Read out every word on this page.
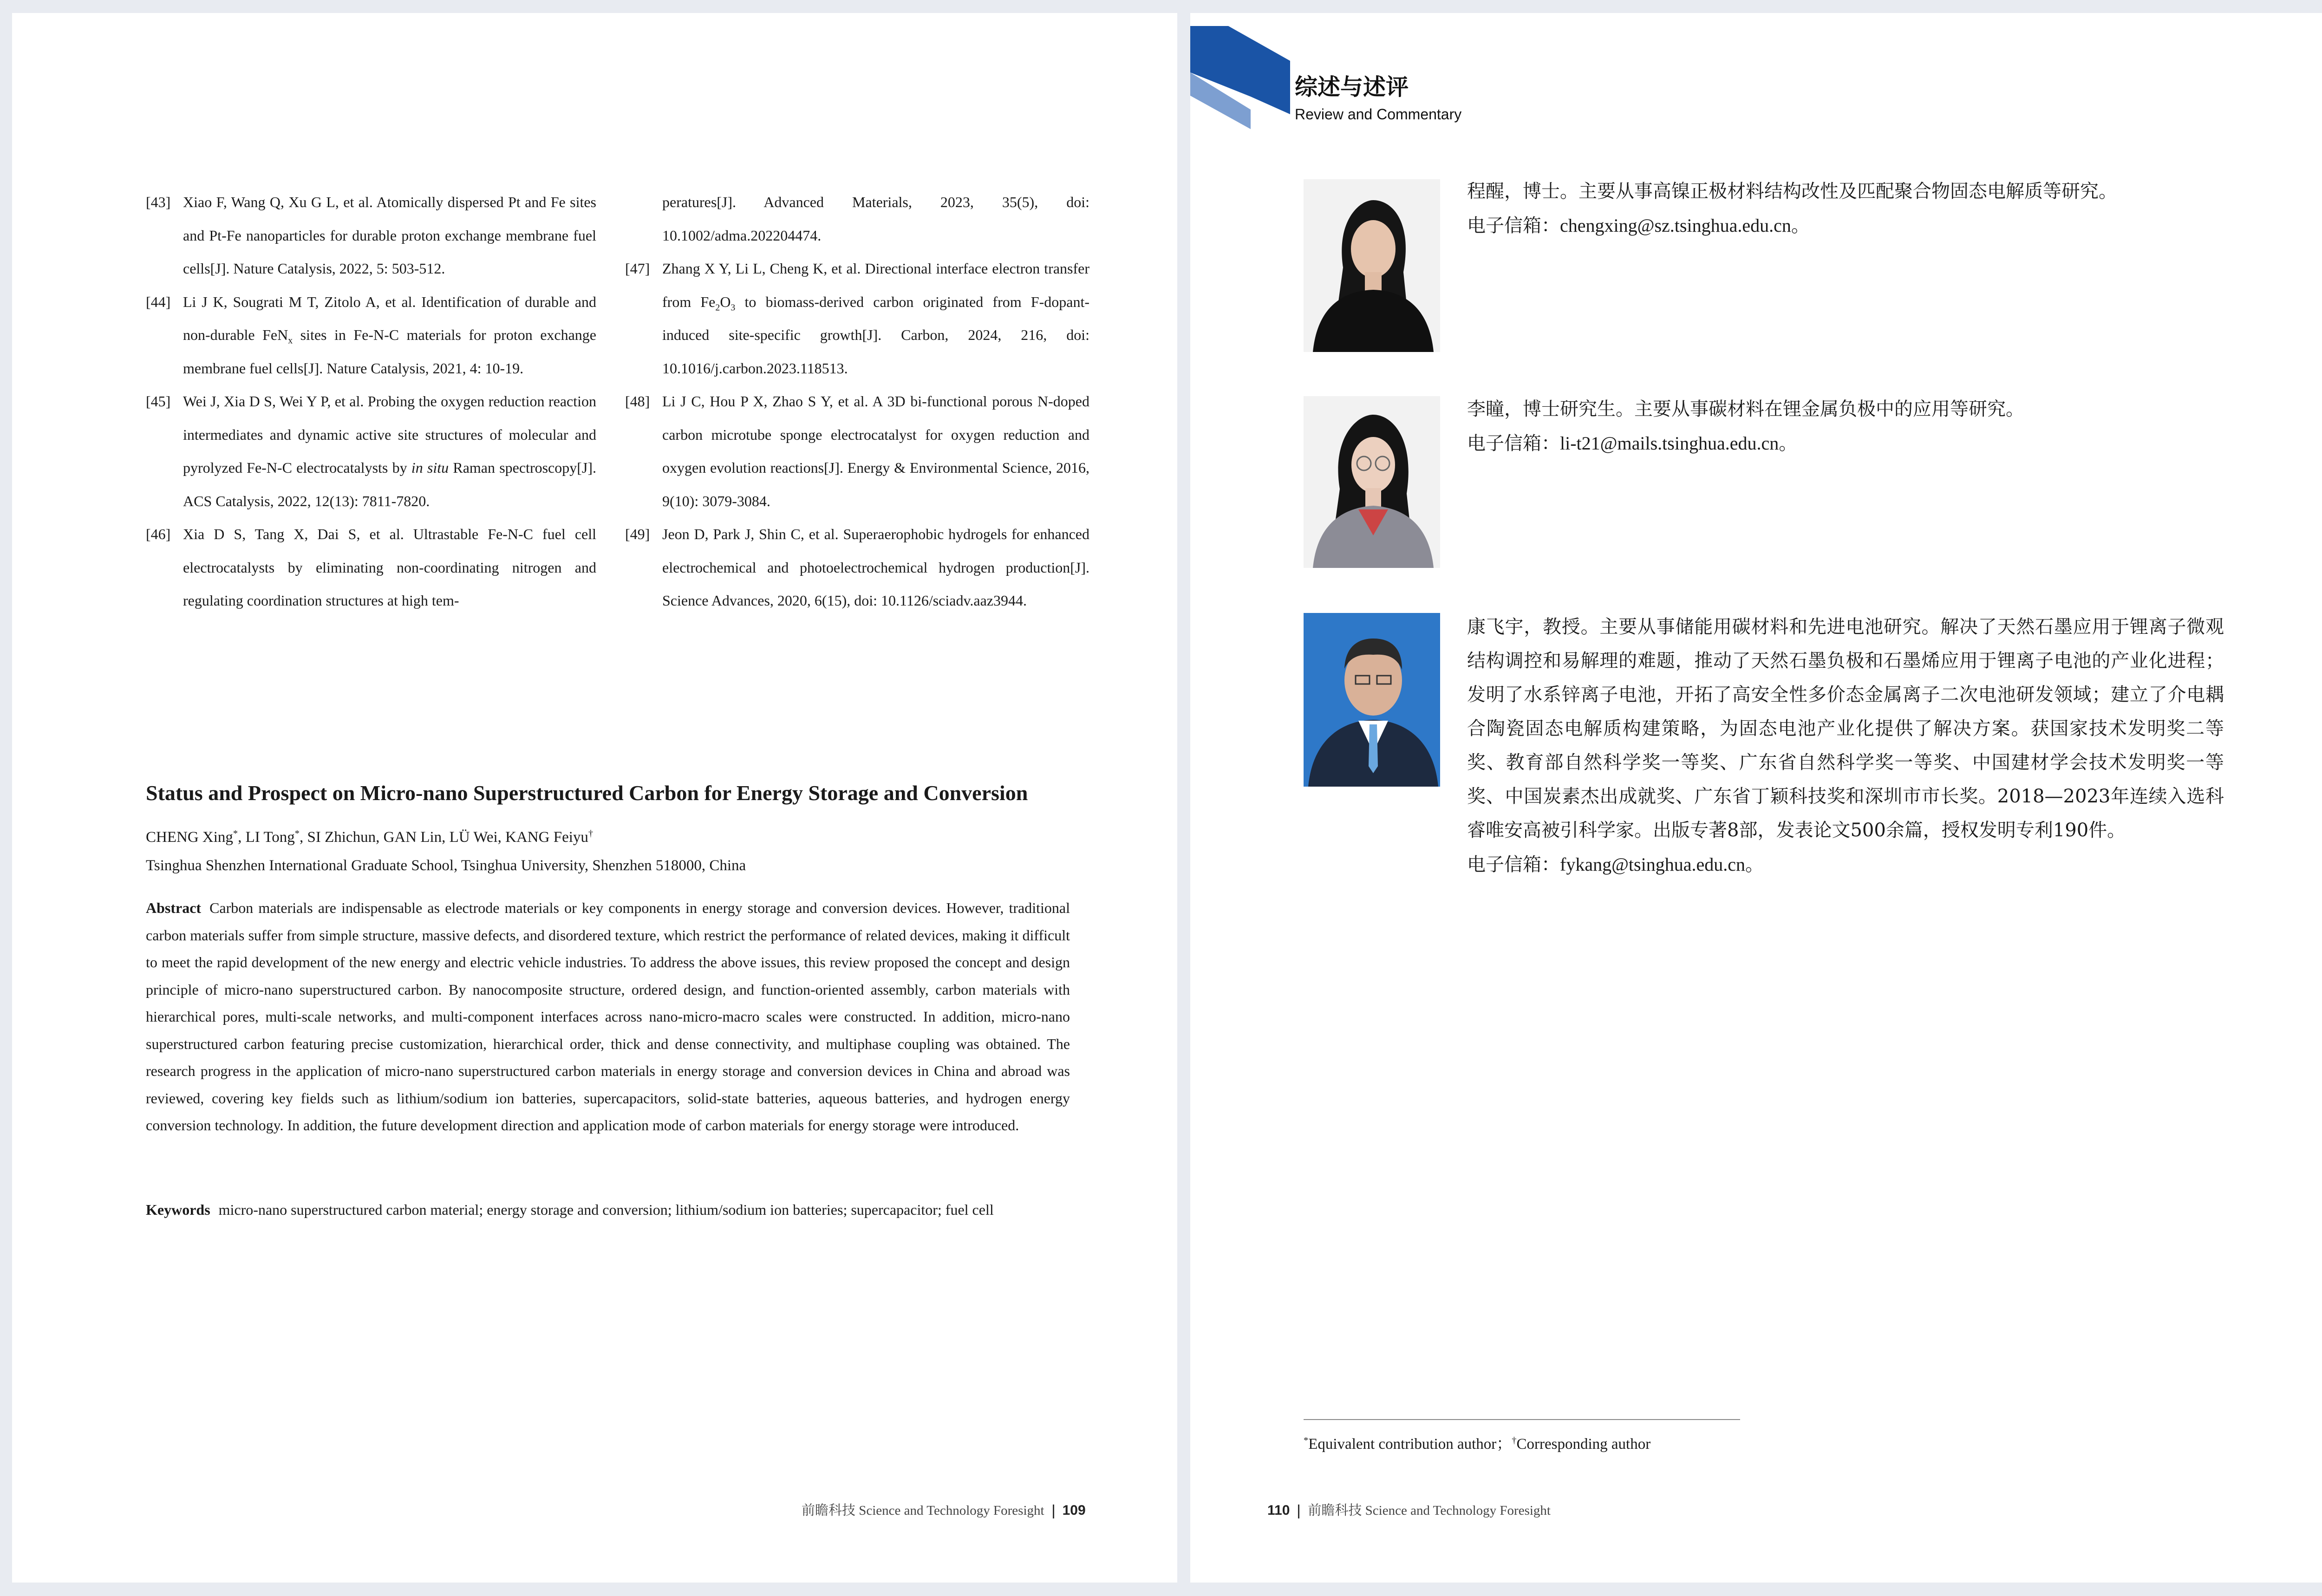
[43] Xiao F, Wang Q, Xu G L, et al. Atomically dispersed Pt and Fe sites and Pt-Fe nanoparticles for durable proton exchange membrane fuel cells[J]. Nature Catalysis, 2022, 5: 503-512.
[44] Li J K, Sougrati M T, Zitolo A, et al. Identification of durable and non-durable FeN$_x$ sites in Fe-N-C materials for proton exchange membrane fuel cells[J]. Nature Catalysis, 2021, 4: 10-19.
[45] Wei J, Xia D S, Wei Y P, et al. Probing the oxygen reduction reaction intermediates and dynamic active site structures of molecular and pyrolyzed Fe-N-C electrocatalysts by in situ Raman spectroscopy[J]. ACS Catalysis, 2022, 12(13): 7811-7820.
[46] Xia D S, Tang X, Dai S, et al. Ultrastable Fe-N-C fuel cell electrocatalysts by eliminating non-coordinating nitrogen and regulating coordination structures at high tem-
peratures[J]. Advanced Materials, 2023, 35(5), doi: 10.1002/adma.202204474.
[47] Zhang X Y, Li L, Cheng K, et al. Directional interface electron transfer from $Fe_2O_3$ to biomass-derived carbon originated from F-dopant-induced site-specific growth[J]. Carbon, 2024, 216, doi: 10.1016/j.carbon.2023.118513.
[48] Li J C, Hou P X, Zhao S Y, et al. A 3D bi-functional porous N-doped carbon microtube sponge electrocatalyst for oxygen reduction and oxygen evolution reactions[J]. Energy & Environmental Science, 2016, 9(10): 3079-3084.
[49] Jeon D, Park J, Shin C, et al. Superaerophobic hydrogels for enhanced electrochemical and photoelectrochemical hydrogen production[J]. Science Advances, 2020, 6(15), doi: 10.1126/sciadv.aaz3944.
Status and Prospect on Micro-nano Superstructured Carbon for Energy Storage and Conversion
CHENG Xing*, LI Tong*, SI Zhichun, GAN Lin, LÜ Wei, KANG Feiyu†
Tsinghua Shenzhen International Graduate School, Tsinghua University, Shenzhen 518000, China
Abstract Carbon materials are indispensable as electrode materials or key components in energy storage and conversion devices. However, traditional carbon materials suffer from simple structure, massive defects, and disordered texture, which restrict the performance of related devices, making it difficult to meet the rapid development of the new energy and electric vehicle industries. To address the above issues, this review proposed the concept and design principle of micro-nano superstructured carbon. By nanocomposite structure, ordered design, and function-oriented assembly, carbon materials with hierarchical pores, multi-scale networks, and multi-component interfaces across nano-micro-macro scales were constructed. In addition, micro-nano superstructured carbon featuring precise customization, hierarchical order, thick and dense connectivity, and multiphase coupling was obtained. The research progress in the application of micro-nano superstructured carbon materials in energy storage and conversion devices in China and abroad was reviewed, covering key fields such as lithium/sodium ion batteries, supercapacitors, solid-state batteries, aqueous batteries, and hydrogen energy conversion technology. In addition, the future development direction and application mode of carbon materials for energy storage were introduced.
Keywords micro-nano superstructured carbon material; energy storage and conversion; lithium/sodium ion batteries; supercapacitor; fuel cell
前瞻科技 Science and Technology Foresight 109
综述与述评
Review and Commentary
程醒，博士。主要从事高镍正极材料结构改性及匹配聚合物固态电解质等研究。
电子信箱：chengxing@sz.tsinghua.edu.cn。
李瞳，博士研究生。主要从事碳材料在锂金属负极中的应用等研究。
电子信箱：li-t21@mails.tsinghua.edu.cn。
康飞宇，教授。主要从事储能用碳材料和先进电池研究。解决了天然石墨应用于锂离子微观结构调控和易解理的难题，推动了天然石墨负极和石墨烯应用于锂离子电池的产业化进程；发明了水系锌离子电池，开拓了高安全性多价态金属离子二次电池研发领域；建立了介电耦合陶瓷固态电解质构建策略，为固态电池产业化提供了解决方案。获国家技术发明奖二等奖、教育部自然科学奖一等奖、广东省自然科学奖一等奖、中国建材学会技术发明奖一等奖、中国炭素杰出成就奖、广东省丁颖科技奖和深圳市市长奖。2018—2023年连续入选科睿唯安高被引科学家。出版专著8部，发表论文500余篇，授权发明专利190件。
电子信箱：fykang@tsinghua.edu.cn。
*Equivalent contribution author；†Corresponding author
110 前瞻科技 Science and Technology Foresight
